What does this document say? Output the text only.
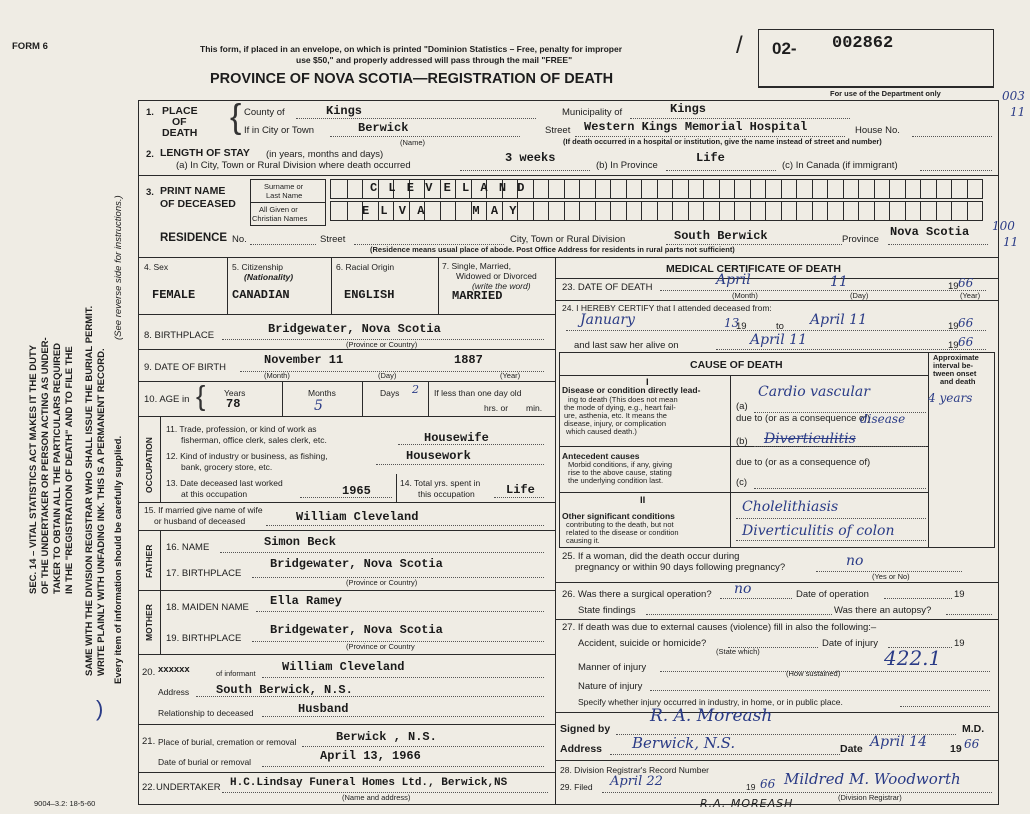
FORM 6	This form, if placed in an envelope, on which is printed "Dominion Statistics – Free, penalty for improper
use $50," and properly addressed will pass through the mail "FREE"
PROVINCE OF NOVA SCOTIA—REGISTRATION OF DEATH
/ 02- 002862
For use of the Department only	003
11
100
11
SEC. 14 – VITAL STATISTICS ACT MAKES IT THE DUTY OF THE UNDERTAKER OR PERSON ACTING AS UNDER- TAKER TO OBTAIN ALL THE PARTICULARS REQUIRED IN THE "REGISTRATION OF DEATH" AND TO FILE THE SAME WITH THE DIVISION REGISTRAR WHO SHALL ISSUE THE BURIAL PERMIT. WRITE PLAINLY WITH UNFADING INK. THIS IS A PERMANENT RECORD.
(See reverse side for instructions.)
Every item of information should be carefully supplied.
)
1. PLACE
OF
DEATH { County of	Kings	Municipality of	Kings
If in City or Town	Berwick
(Name)
Street Western Kings Memorial Hospital	House No.
(If death occurred in a hospital or institution, give the name instead of street and number)
2. LENGTH OF STAY (in years, months and days)
(a) In City, Town or Rural Division where death occurred
3 weeks
(b) In Province
Life
(c) In Canada (if immigrant)
3. PRINT NAME
OF DECEASED
Surname or
Last Name
All Given or
Christian Names
C L E V E L A N D
E L V A     M A Y
RESIDENCE No.	Street	City, Town or Rural Division	South Berwick	Province
Nova Scotia
(Residence means usual place of abode. Post Office Address for residents in rural parts not sufficient)
4. Sex
FEMALE
5. Citizenship
(Nationality)
CANADIAN
6. Racial Origin
ENGLISH
7. Single, Married,
Widowed or Divorced
(write the word)
MARRIED
8. BIRTHPLACE	Bridgewater, Nova Scotia
(Province or Country)
9. DATE OF BIRTH
November 11	1887
(Month)	(Day)	(Year)
10. AGE in { Years
78
Months
5
Days 2 If less than one day old
hrs. or min.
OCCUPATION
11. Trade, profession, or kind of work as
fisherman, office clerk, sales clerk, etc.	Housewife
12. Kind of industry or business, as fishing,
bank, grocery store, etc.
Housework
13. Date deceased last worked
at this occupation	1965
14. Total yrs. spent in
this occupation	Life
15. If married give name of wife
or husband of deceased	William Cleveland
FATHER 16. NAME	Simon Beck
17. BIRTHPLACE
Bridgewater, Nova Scotia
(Province or Country)
MOTHER 18. MAIDEN NAME Ella Ramey
19. BIRTHPLACE
Bridgewater, Nova Scotia
(Province or Country
20. xxxxxx	of informant William Cleveland
Address South Berwick, N.S.
Relationship to deceased	Husband
21. Place of burial, cremation or removal	Berwick , N.S.
Date of burial or removal	April 13, 1966
22. UNDERTAKER H.C.Lindsay Funeral Homes Ltd., Berwick,NS
(Name and address)
MEDICAL CERTIFICATE OF DEATH
23. DATE OF DEATH	April	11	19 66
(Month)	(Day)	(Year)
24. I HEREBY CERTIFY that I attended deceased from:
January	13
19	to April 11	19 66
and last saw her alive on	April 11	19 66
CAUSE OF DEATH
Approximate
interval be-
tween onset
and death
I
Disease or condition directly lead-
ing to death (This does not mean
the mode of dying, e.g., heart fail-
ure, asthenia, etc. It means the
disease, injury, or complication
which caused death.)
(a)
Cardio vascular	4 years
due to (or as a consequence of)
disease
(b) Diverticulitis
Antecedent causes
Morbid conditions, if any, giving
rise to the above cause, stating
the underlying condition last.
due to (or as a consequence of)
(c)
II
Other significant conditions
contributing to the death, but not
related to the disease or condition
causing it.
Cholelithiasis
Diverticulitis of colon
25. If a woman, did the death occur during
pregnancy or within 90 days following pregnancy?	no
(Yes or No)
26. Was there a surgical operation? no	Date of operation	19
State findings	Was there an autopsy?
27. If death was due to external causes (violence) fill in also the following:–
Accident, suicide or homicide?	Date of injury	19
(State which)
Manner of injury	422.1
(How sustained)
Nature of injury
Specify whether injury occurred in industry, in home, or in public place.
Signed by
R. A. Moreash
M.D.
Address Berwick, N.S.	Date April 14 19 66
28. Division Registrar's Record Number
29. Filed April 22	19 66 Mildred M. Woodworth
(Division Registrar)
R.A. MOREASH
9004–3.2: 18-5-60
